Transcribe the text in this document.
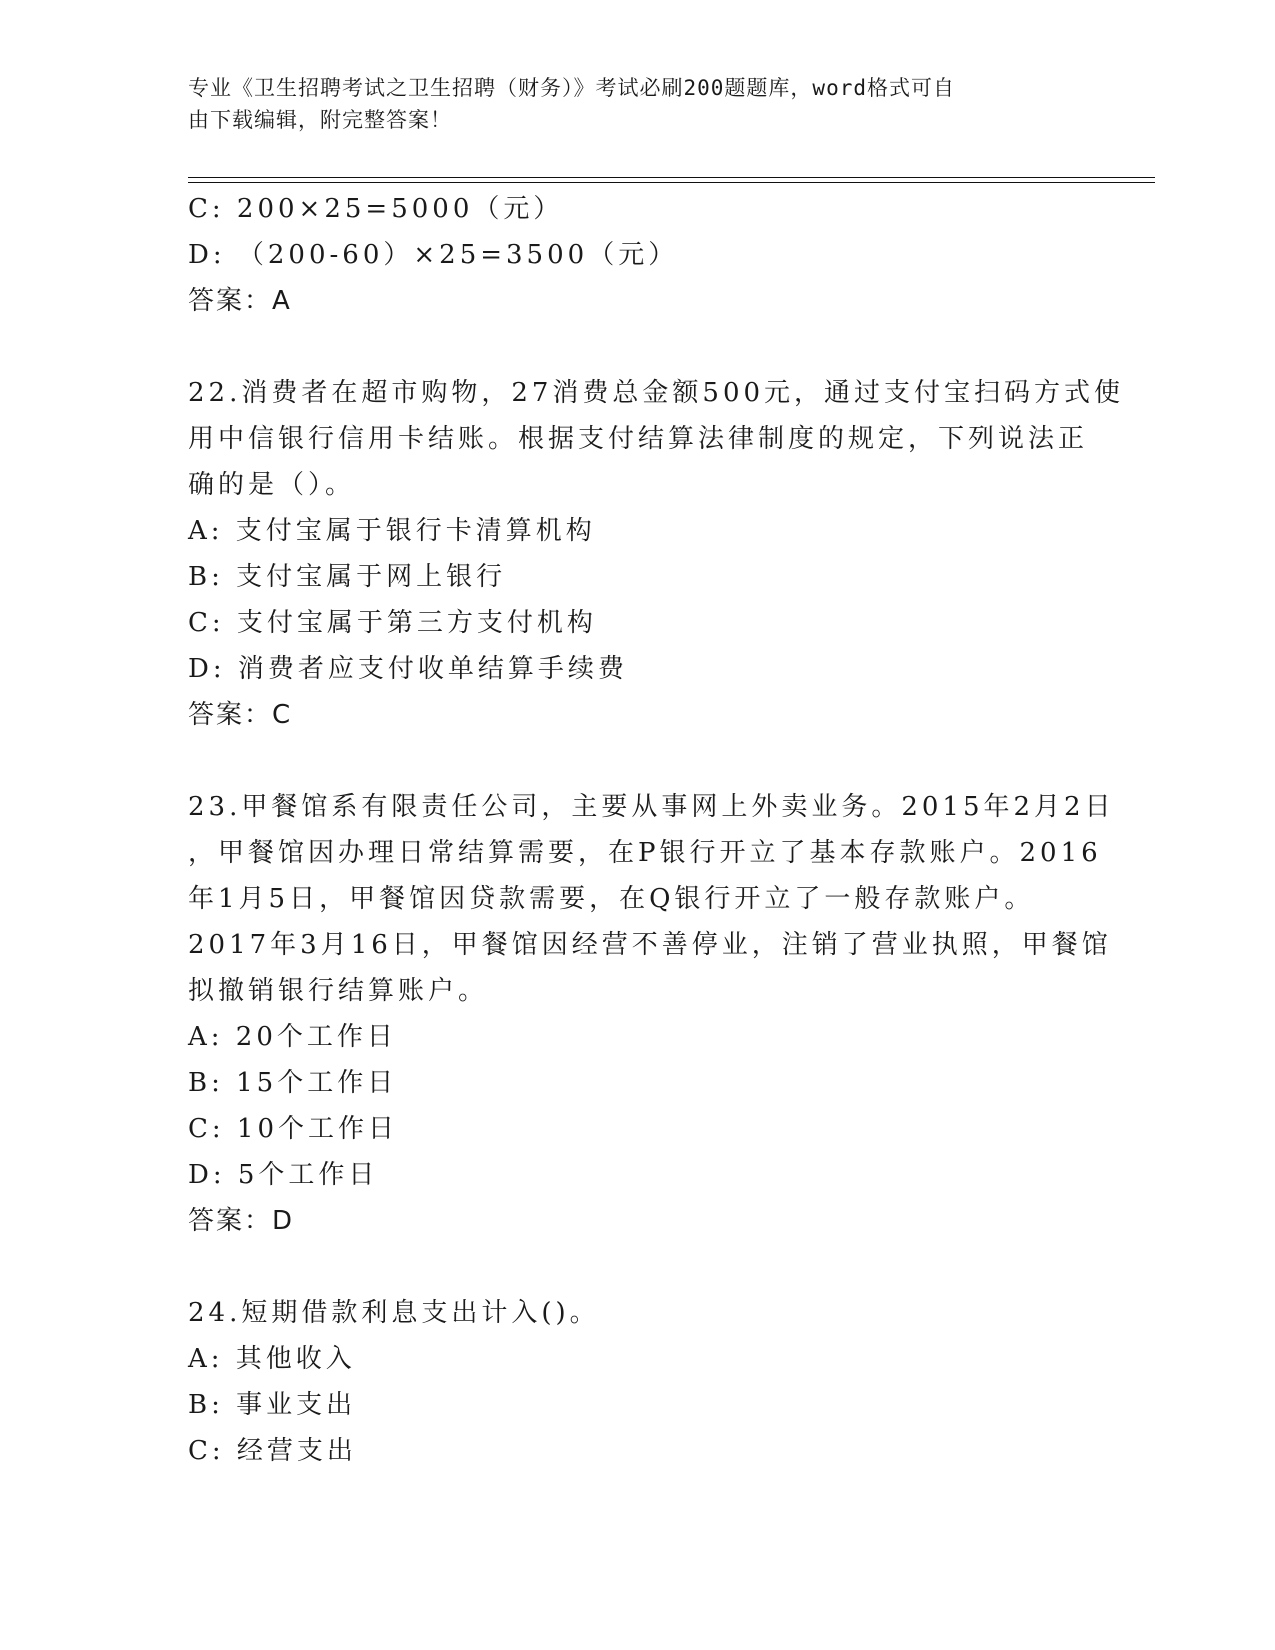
专业《卫生招聘考试之卫生招聘（财务）》考试必刷200题题库，word格式可自
由下载编辑，附完整答案！
C: 200×25=5000（元）
D: （200-60）×25=3500（元）
答案：A
22.消费者在超市购物，27消费总金额500元，通过支付宝扫码方式使
用中信银行信用卡结账。根据支付结算法律制度的规定，下列说法正
确的是（）。
A: 支付宝属于银行卡清算机构
B: 支付宝属于网上银行
C: 支付宝属于第三方支付机构
D: 消费者应支付收单结算手续费
答案：C
23.甲餐馆系有限责任公司，主要从事网上外卖业务。2015年2月2日
，甲餐馆因办理日常结算需要，在P银行开立了基本存款账户。2016
年1月5日，甲餐馆因贷款需要，在Q银行开立了一般存款账户。
2017年3月16日，甲餐馆因经营不善停业，注销了营业执照，甲餐馆
拟撤销银行结算账户。
A: 20个工作日
B: 15个工作日
C: 10个工作日
D: 5个工作日
答案：D
24.短期借款利息支出计入()。
A: 其他收入
B: 事业支出
C: 经营支出
